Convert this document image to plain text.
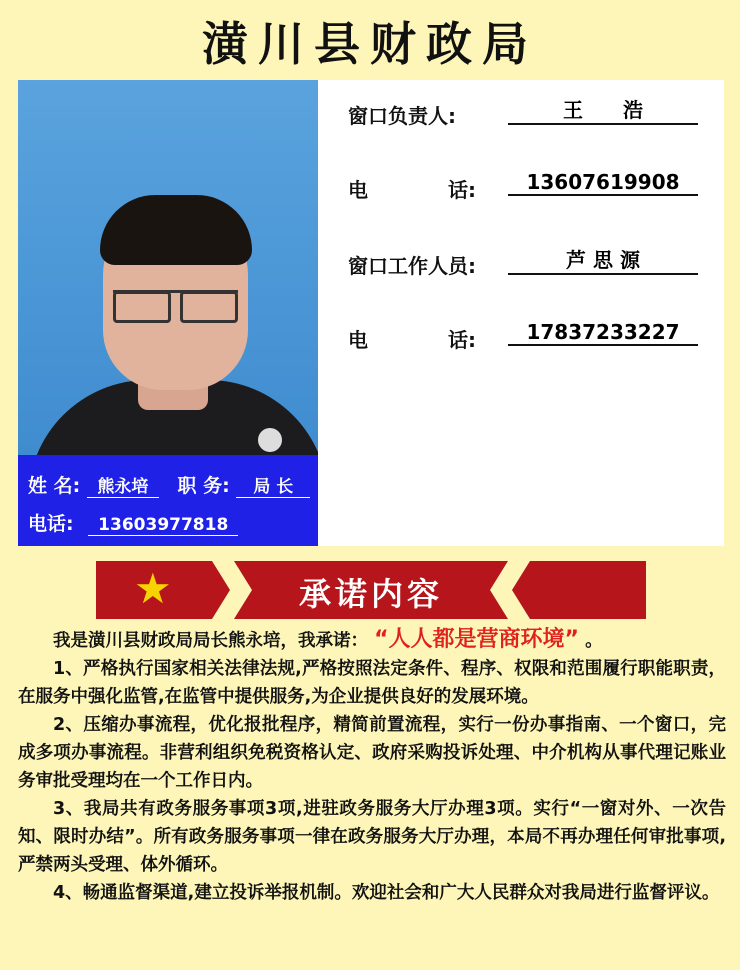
潢川县财政局
姓 名: 熊永培 职 务: 局 长
电话: 13603977818
窗口负责人:	王　　浩
电　　　　话:	13607619908
窗口工作人员:	芦 思 源
电　　　　话:	17837233227
★	承诺内容

我是潢川县财政局局长熊永培，我承诺： “人人都是营商环境” 。

1、严格执行国家相关法律法规,严格按照法定条件、程序、权限和范围履行职能职责，在服务中强化监管,在监管中提供服务,为企业提供良好的发展环境。

2、压缩办事流程，优化报批程序，精简前置流程，实行一份办事指南、一个窗口，完成多项办事流程。非营利组织免税资格认定、政府采购投诉处理、中介机构从事代理记账业务审批受理均在一个工作日内。

3、我局共有政务服务事项3项,进驻政务服务大厅办理3项。实行“一窗对外、一次告知、限时办结”。所有政务服务事项一律在政务服务大厅办理，本局不再办理任何审批事项,严禁两头受理、体外循环。

4、畅通监督渠道,建立投诉举报机制。欢迎社会和广大人民群众对我局进行监督评议。
